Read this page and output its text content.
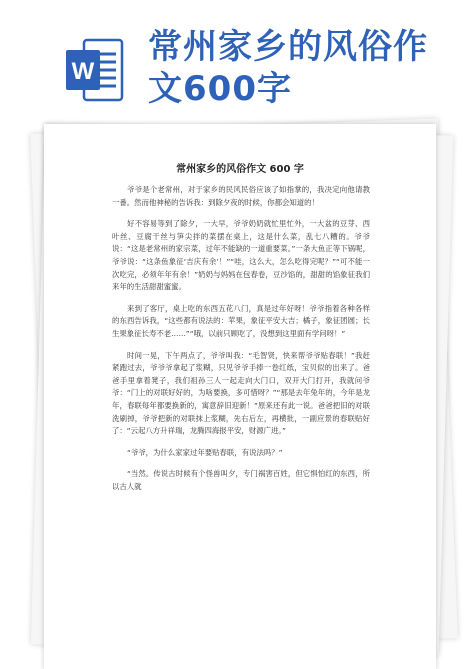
W
常州家乡的风俗作文600字
常州家乡的风俗作文 600 字

爷爷是个老常州，对于家乡的民风民俗应该了如指掌的，我决定向他请教一番。然而他神秘的告诉我：到除夕夜的时候，你都会知道的！

好不容易等到了除夕，一大早，爷爷奶奶就忙里忙外，一大盆的豆芽、西叶丝、豆腐干丝与笋尖拌的菜摆在桌上，这是什么菜，乱七八糟的。爷爷说：“这是老常州的家宗菜，过年不能缺的一道重要菜。”一条大鱼正等下锅呢，爷爷说：“这条鱼象征‘吉庆有余’！”“哇，这么大，怎么吃得完呢？”“可不能一次吃完，必须年年有余！”奶奶与妈妈在包春卷，豆沙馅的，甜甜的馅象征我们来年的生活甜甜蜜蜜。

来到了客厅，桌上吃的东西五花八门，真是过年好呀！爷爷指着各种各样的东西告诉我，“这些都有说法的：苹果，象征平安大吉；橘子，象征团圆；长生果象征长寿不老……”“哦，以前只顾吃了，没想到这里面有学问呀！”

时间一晃，下午两点了，爷爷叫我：“毛智贤，快来帮爷爷贴春联！”我赶紧跑过去，爷爷爷拿起了浆糊，只见爷爷手捧一卷红纸，宝贝似的出来了。爸爸手里拿着凳子，我们祖孙三人一起走向大门口，双开大门打开，我就问爷爷：“门上的对联好好的，为啥要换，多可惜呀？”“那是去年兔年的，今年是龙年，春联每年都要换新的，寓意辞旧迎新！”原来还有此一说。爸爸把旧的对联洗刷掉，爷爷把新的对联抹上浆糊，先右后左，再横批，一副应景的春联贴好了：“云起八方升祥瑞，龙腾四海报平安，财源广进。”

“爷爷，为什么家家过年要贴春联，有说法吗？”

“当然。传说古时候有个怪兽叫夕，专门祸害百姓，但它惧怕红的东西，所以古人就
